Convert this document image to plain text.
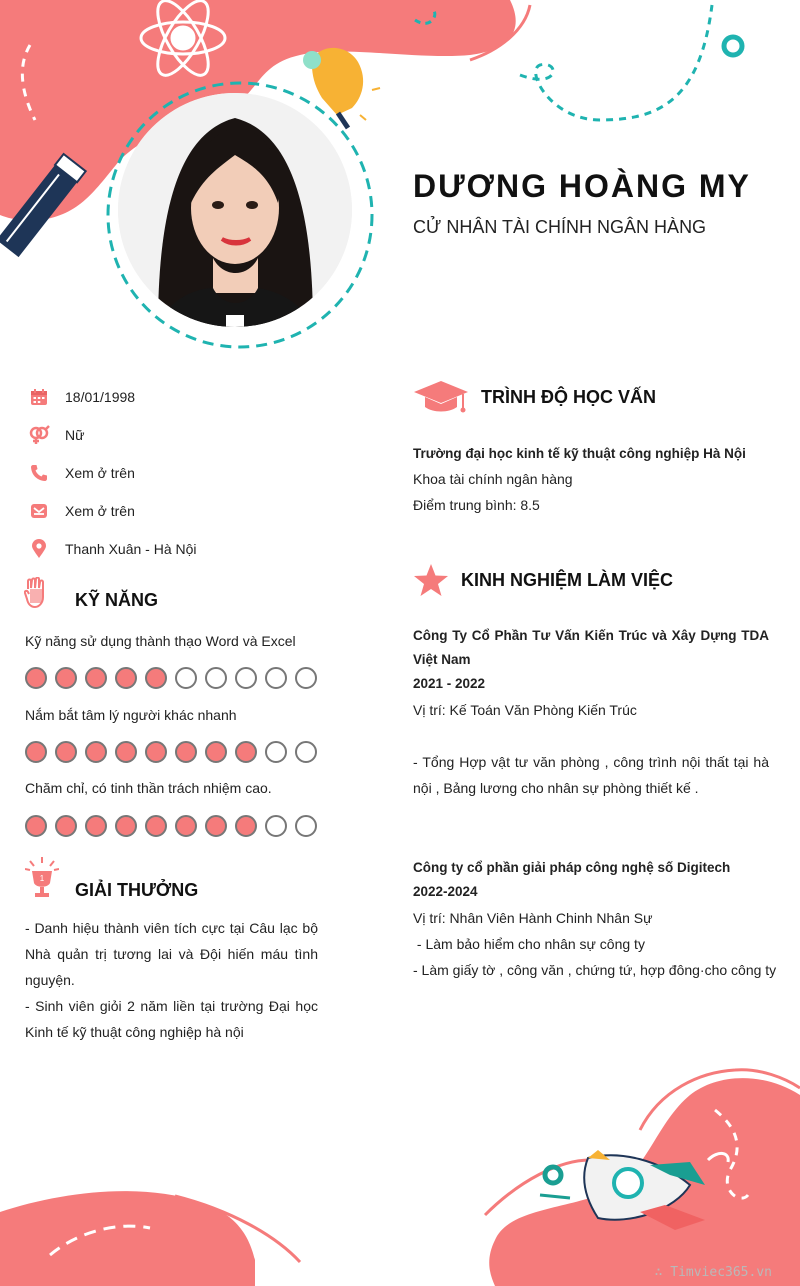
DƯƠNG HOÀNG MY
CỬ NHÂN TÀI CHÍNH NGÂN HÀNG
18/01/1998
Nữ
Xem ở trên
Xem ở trên
Thanh Xuân - Hà Nội
KỸ NĂNG
Kỹ năng sử dụng thành thạo Word và Excel
Nắm bắt tâm lý người khác nhanh
Chăm chỉ, có tinh thần trách nhiệm cao.
1
GIẢI THƯỞNG
- Danh hiệu thành viên tích cực tại Câu lạc bộ Nhà quản trị tương lai và Đội hiến máu tình nguyện.
- Sinh viên giỏi 2 năm liền tại trường Đại học Kinh tế kỹ thuật công nghiệp hà nội
TRÌNH ĐỘ HỌC VẤN
Trường đại học kinh tế kỹ thuật công nghiệp Hà Nội
Khoa tài chính ngân hàng
Điểm trung bình: 8.5
KINH NGHIỆM LÀM VIỆC
Công Ty Cổ Phần Tư Vấn Kiến Trúc và Xây Dựng TDA Việt Nam
2021 - 2022
Vị trí: Kế Toán Văn Phòng Kiến Trúc
- Tổng Hợp vật tư văn phòng , công trình nội thất tại hà nội , Bảng lương cho nhân sự phòng thiết kế .
Công ty cổ phần giải pháp công nghệ số Digitech
2022-2024
Vị trí: Nhân Viên Hành Chinh Nhân Sự
- Làm bảo hiểm cho nhân sự công ty
- Làm giấy tờ , công văn , chứng tứ, hợp đông·cho công ty
∴ Timviec365.vn
